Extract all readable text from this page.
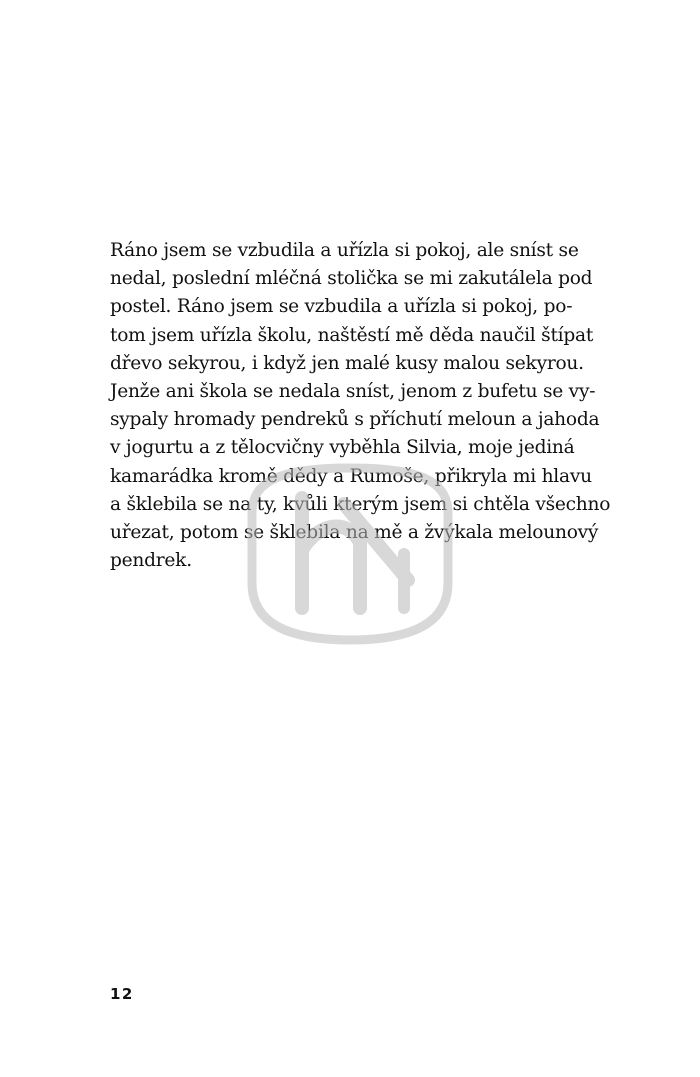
Ráno jsem se vzbudila a uřízla si pokoj, ale sníst se
nedal, poslední mléčná stolička se mi zakutálela pod
postel. Ráno jsem se vzbudila a uřízla si pokoj, po-
tom jsem uřízla školu, naštěstí mě děda naučil štípat
dřevo sekyrou, i když jen malé kusy malou sekyrou.
Jenže ani škola se nedala sníst, jenom z bufetu se vy-
sypaly hromady pendreků s příchutí meloun a jahoda
v jogurtu a z tělocvičny vyběhla Silvia, moje jediná
kamarádka kromě dědy a Rumoše, přikryla mi hlavu
a šklebila se na ty, kvůli kterým jsem si chtěla všechno
uřezat, potom se šklebila na mě a žvýkala melounový
pendrek.

12
